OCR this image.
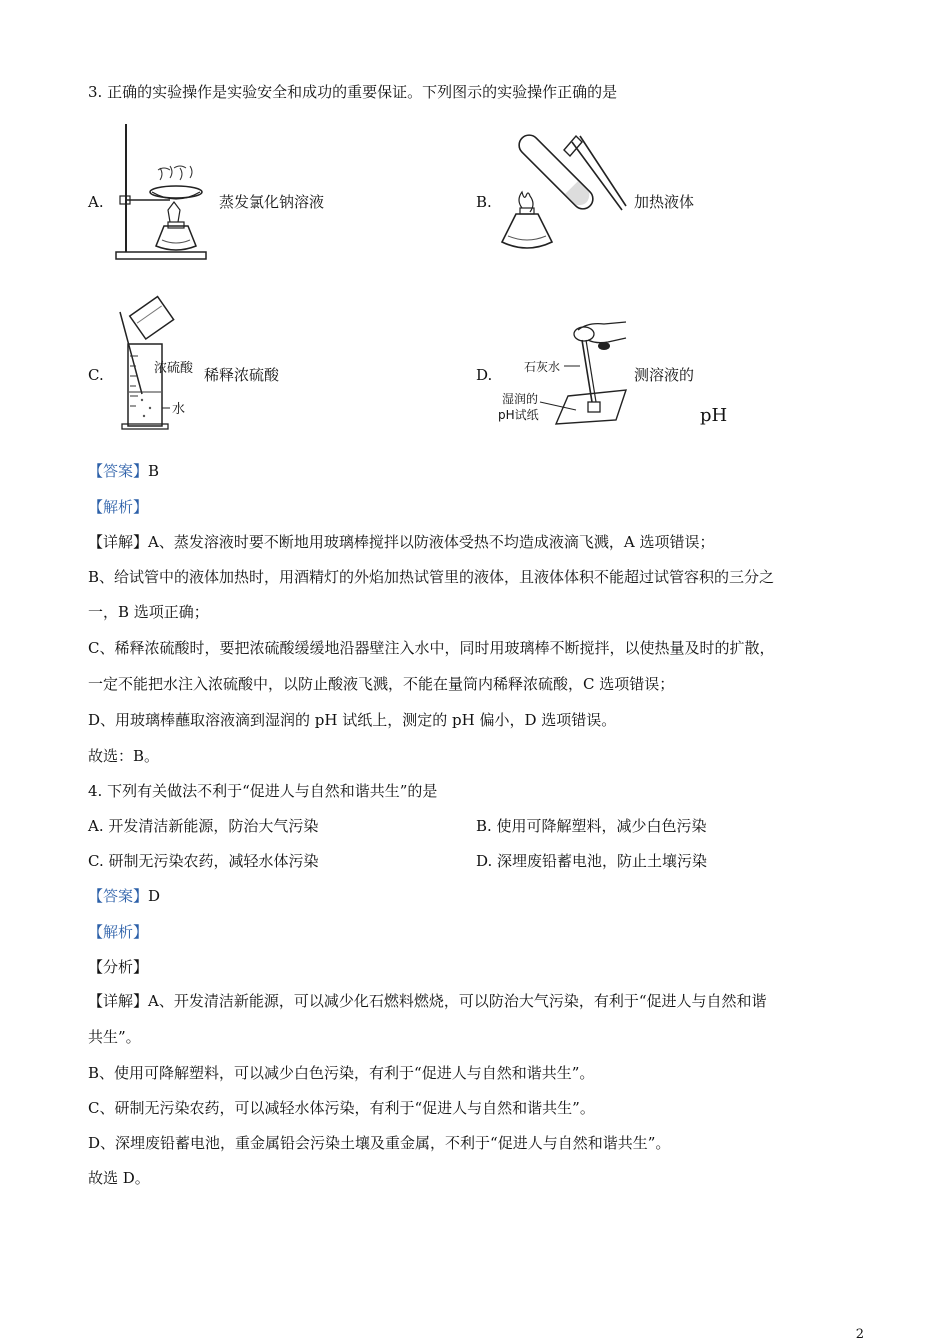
3. 正确的实验操作是实验安全和成功的重要保证。下列图示的实验操作正确的是
A.	蒸发氯化钠溶液	B.	加热液体
C.	浓硫酸
水
稀释浓硫酸	D.	石灰水
湿润的
pH试纸
测溶液的
pH
【答案】B
【解析】
【详解】A、蒸发溶液时要不断地用玻璃棒搅拌以防液体受热不均造成液滴飞溅，A 选项错误；
B、给试管中的液体加热时，用酒精灯的外焰加热试管里的液体，且液体体积不能超过试管容积的三分之
一，B 选项正确；
C、稀释浓硫酸时，要把浓硫酸缓缓地沿器壁注入水中，同时用玻璃棒不断搅拌，以使热量及时的扩散，
一定不能把水注入浓硫酸中，以防止酸液飞溅，不能在量筒内稀释浓硫酸，C 选项错误；
D、用玻璃棒蘸取溶液滴到湿润的 pH 试纸上，测定的 pH 偏小，D 选项错误。
故选：B。
4. 下列有关做法不利于“促进人与自然和谐共生”的是
A. 开发清洁新能源，防治大气污染	B. 使用可降解塑料，减少白色污染
C. 研制无污染农药，减轻水体污染	D. 深埋废铅蓄电池，防止土壤污染
【答案】D
【解析】
【分析】
【详解】A、开发清洁新能源，可以减少化石燃料燃烧，可以防治大气污染，有利于“促进人与自然和谐
共生”。
B、使用可降解塑料，可以减少白色污染，有利于“促进人与自然和谐共生”。
C、研制无污染农药，可以减轻水体污染，有利于“促进人与自然和谐共生”。
D、深埋废铅蓄电池，重金属铅会污染土壤及重金属，不利于“促进人与自然和谐共生”。
故选 D。
2
